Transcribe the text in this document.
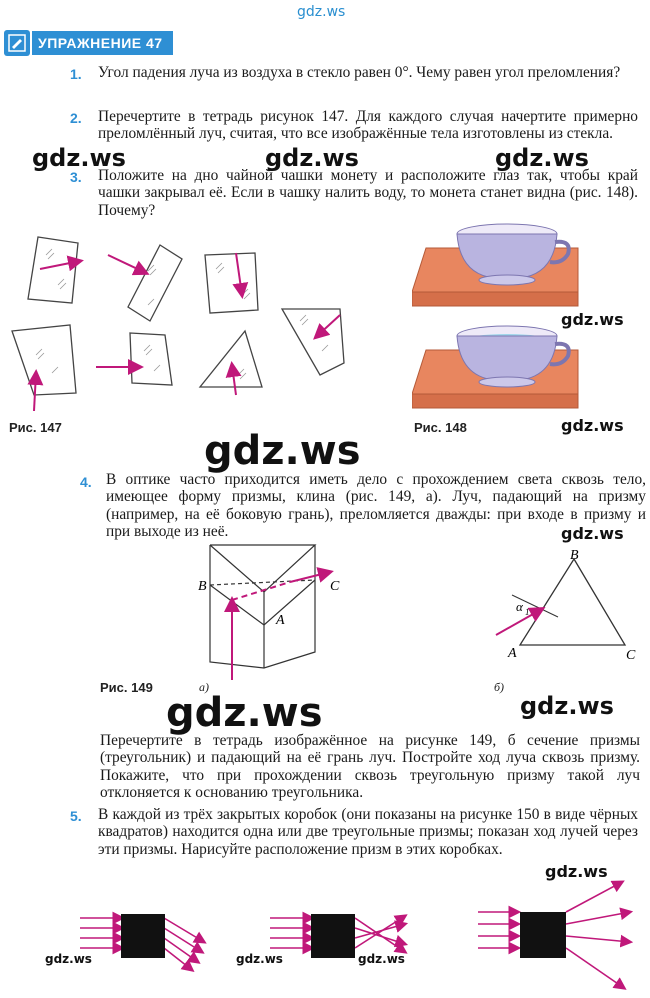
gdz.ws
УПРАЖНЕНИЕ 47
1. Угол падения луча из воздуха в стекло равен 0°. Чему равен угол преломления?
2. Перечертите в тетрадь рисунок 147. Для каждого случая начертите примерно преломлённый луч, считая, что все изображённые тела изготовлены из стекла.
3. Положите на дно чайной чашки монету и расположите глаз так, чтобы край чашки закрывал её. Если в чашку налить воду, то монета станет видна (рис. 148). Почему?
gdz.ws	gdz.ws	gdz.ws
Рис. 147	Рис. 148
gdz.ws
gdz.ws
gdz.ws
4. В оптике часто приходится иметь дело с прохождением света сквозь тело, имеющее форму призмы, клина (рис. 149, а). Луч, падающий на призму (например, на её боковую грань), преломляется дважды: при входе в призму и при выходе из неё.	gdz.ws
B	C
A
B
C
A
α 1
Рис. 149	а)	б)
gdz.ws	gdz.ws
Перечертите в тетрадь изображённое на рисунке 149, б сечение призмы (треугольник) и падающий на её грань луч. Постройте ход луча сквозь призму. Покажите, что при прохождении сквозь треугольную призму такой луч отклоняется к основанию треугольника.
5. В каждой из трёх закрытых коробок (они показаны на рисунке 150 в виде чёрных квадратов) находится одна или две треугольные призмы; показан ход лучей через эти призмы. Нарисуйте расположение призм в этих коробках.
gdz.ws
gdz.ws	gdz.ws	gdz.ws
